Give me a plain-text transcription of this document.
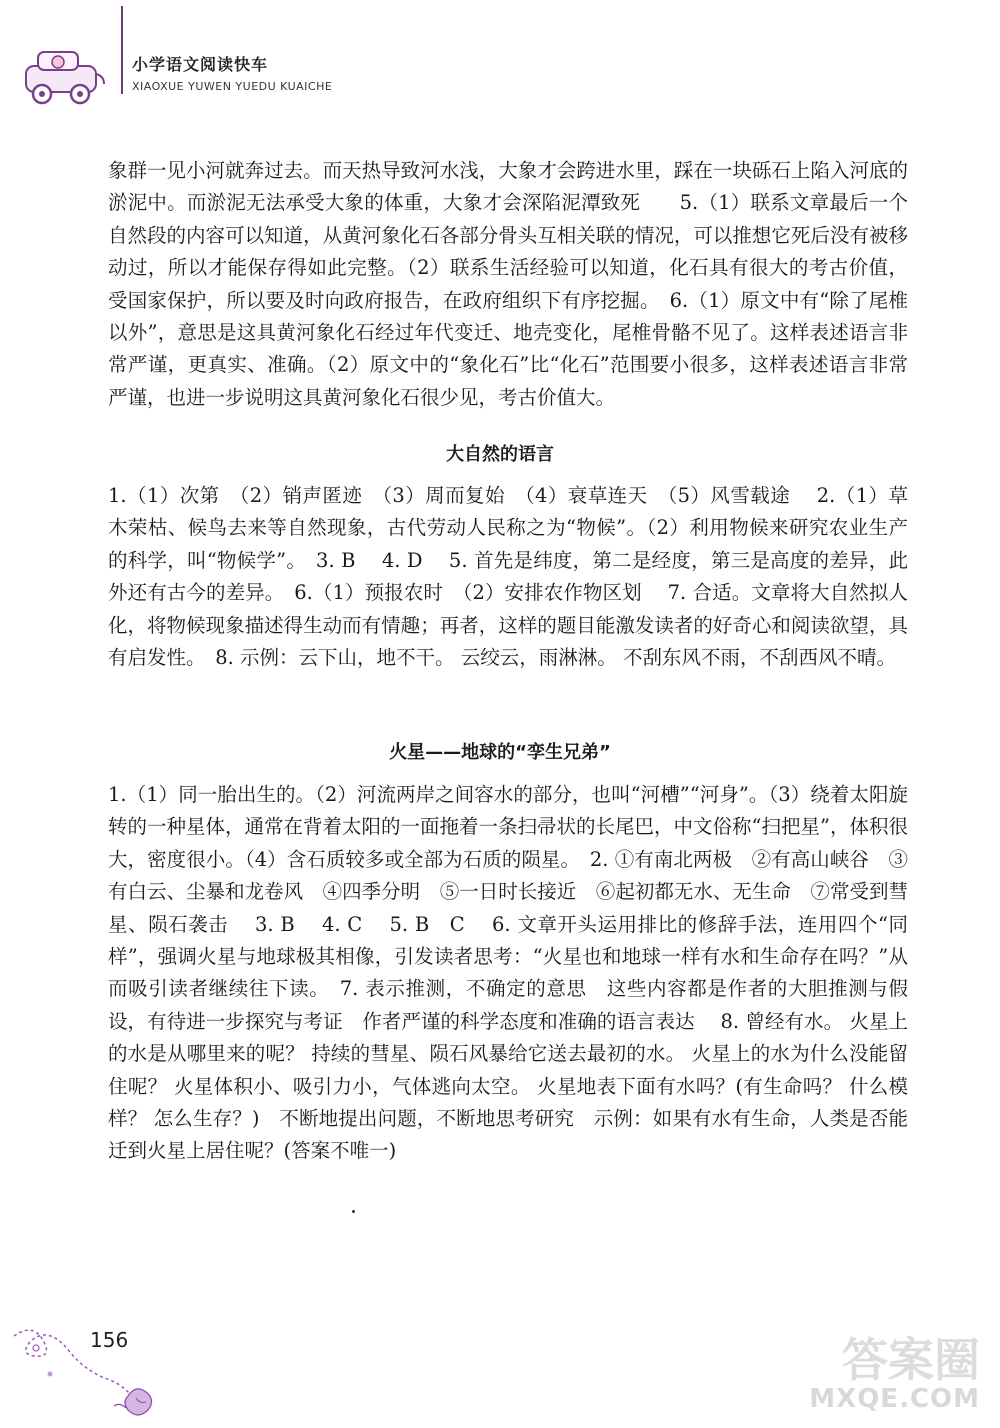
小学语文阅读快车
XIAOXUE YUWEN YUEDU KUAICHE

象群一见小河就奔过去。而天热导致河水浅，大象才会跨进水里，踩在一块砾石上陷入河底的淤泥中。而淤泥无法承受大象的体重，大象才会深陷泥潭致死　　5.（1）联系文章最后一个自然段的内容可以知道，从黄河象化石各部分骨头互相关联的情况，可以推想它死后没有被移动过，所以才能保存得如此完整。（2）联系生活经验可以知道，化石具有很大的考古价值，受国家保护，所以要及时向政府报告，在政府组织下有序挖掘。　6.（1）原文中有“除了尾椎以外”，意思是这具黄河象化石经过年代变迁、地壳变化，尾椎骨骼不见了。这样表述语言非常严谨，更真实、准确。（2）原文中的“象化石”比“化石”范围要小很多，这样表述语言非常严谨，也进一步说明这具黄河象化石很少见，考古价值大。

大自然的语言

1.（1）次第　（2）销声匿迹　（3）周而复始　（4）衰草连天　（5）风雪载途　 2.（1）草木荣枯、候鸟去来等自然现象，古代劳动人民称之为“物候”。（2）利用物候来研究农业生产的科学，叫“物候学”。　3. B　 4. D　 5. 首先是纬度，第二是经度，第三是高度的差异，此外还有古今的差异。　6.（1）预报农时　（2）安排农作物区划　 7. 合适。文章将大自然拟人化，将物候现象描述得生动而有情趣；再者，这样的题目能激发读者的好奇心和阅读欲望，具有启发性。　8. 示例：云下山，地不干。 云绞云，雨淋淋。 不刮东风不雨，不刮西风不晴。

火星——地球的“孪生兄弟”

1.（1）同一胎出生的。（2）河流两岸之间容水的部分，也叫“河槽”“河身”。（3）绕着太阳旋转的一种星体，通常在背着太阳的一面拖着一条扫帚状的长尾巴，中文俗称“扫把星”，体积很大，密度很小。（4）含石质较多或全部为石质的陨星。　2. ①有南北两极　②有高山峡谷　③有白云、尘暴和龙卷风　④四季分明　⑤一日时长接近　⑥起初都无水、无生命　⑦常受到彗星、陨石袭击　 3. B　 4. C　 5. B　C　 6. 文章开头运用排比的修辞手法，连用四个“同样”，强调火星与地球极其相像，引发读者思考：“火星也和地球一样有水和生命存在吗？”从而吸引读者继续往下读。　7. 表示推测，不确定的意思　这些内容都是作者的大胆推测与假设，有待进一步探究与考证　作者严谨的科学态度和准确的语言表达　 8. 曾经有水。 火星上的水是从哪里来的呢？ 持续的彗星、陨石风暴给它送去最初的水。 火星上的水为什么没能留住呢？ 火星体积小、吸引力小，气体逃向太空。 火星地表下面有水吗？(有生命吗？ 什么模样？ 怎么生存？)　不断地提出问题，不断地思考研究　示例：如果有水有生命，人类是否能迁到火星上居住呢？(答案不唯一)

156	答案圈
MXQE.COM
